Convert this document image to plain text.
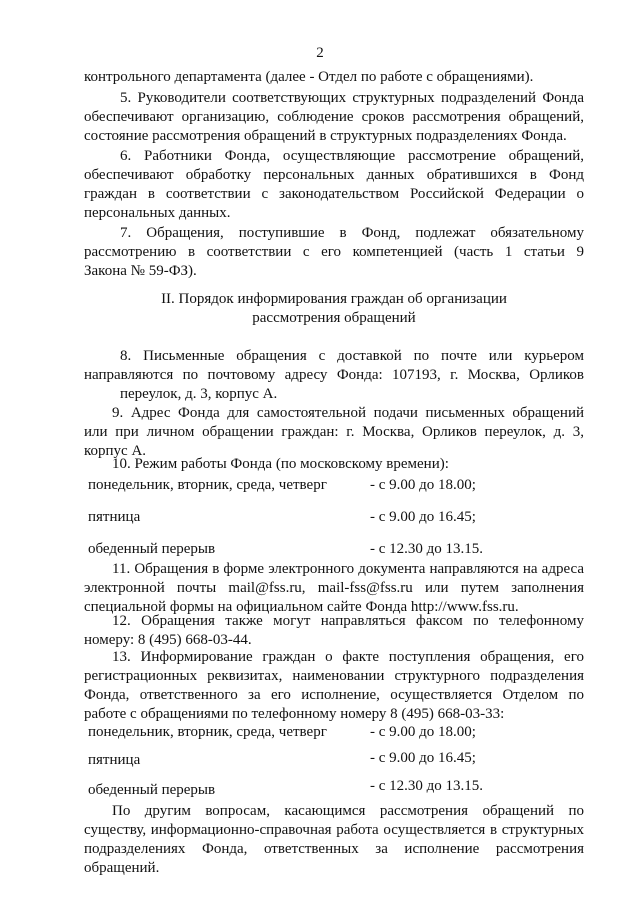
2
контрольного департамента (далее - Отдел по работе с обращениями).
5. Руководители соответствующих структурных подразделений Фонда
обеспечивают организацию, соблюдение сроков рассмотрения обращений,
состояние рассмотрения обращений в структурных подразделениях Фонда.
6. Работники Фонда, осуществляющие рассмотрение обращений,
обеспечивают обработку персональных данных обратившихся в Фонд
граждан в соответствии с законодательством Российской Федерации о
персональных данных.
7. Обращения, поступившие в Фонд, подлежат обязательному
рассмотрению в соответствии с его компетенцией (часть 1 статьи 9
Закона № 59-ФЗ).
II. Порядок информирования граждан об организации
рассмотрения обращений
8. Письменные обращения с доставкой по почте или курьером
направляются по почтовому адресу Фонда: 107193, г. Москва, Орликов
переулок, д. 3, корпус А.
9. Адрес Фонда для самостоятельной подачи письменных обращений
или при личном обращении граждан: г. Москва, Орликов переулок, д. 3,
корпус А.
10. Режим работы Фонда (по московскому времени):
понедельник, вторник, среда, четверг	- с 9.00 до 18.00;
пятница	- с 9.00 до 16.45;
обеденный перерыв	- с 12.30 до 13.15.
11. Обращения в форме электронного документа направляются на адреса
электронной почты mail@fss.ru, mail-fss@fss.ru или путем заполнения
специальной формы на официальном сайте Фонда http://www.fss.ru.
12. Обращения также могут направляться факсом по телефонному
номеру: 8 (495) 668-03-44.
13. Информирование граждан о факте поступления обращения, его
регистрационных реквизитах, наименовании структурного подразделения
Фонда, ответственного за его исполнение, осуществляется Отделом по
работе с обращениями по телефонному номеру 8 (495) 668-03-33:
понедельник, вторник, среда, четверг	- с 9.00 до 18.00;
пятница	- с 9.00 до 16.45;
обеденный перерыв	- с 12.30 до 13.15.
По другим вопросам, касающимся рассмотрения обращений по
существу, информационно-справочная работа осуществляется в структурных
подразделениях Фонда, ответственных за исполнение рассмотрения
обращений.
